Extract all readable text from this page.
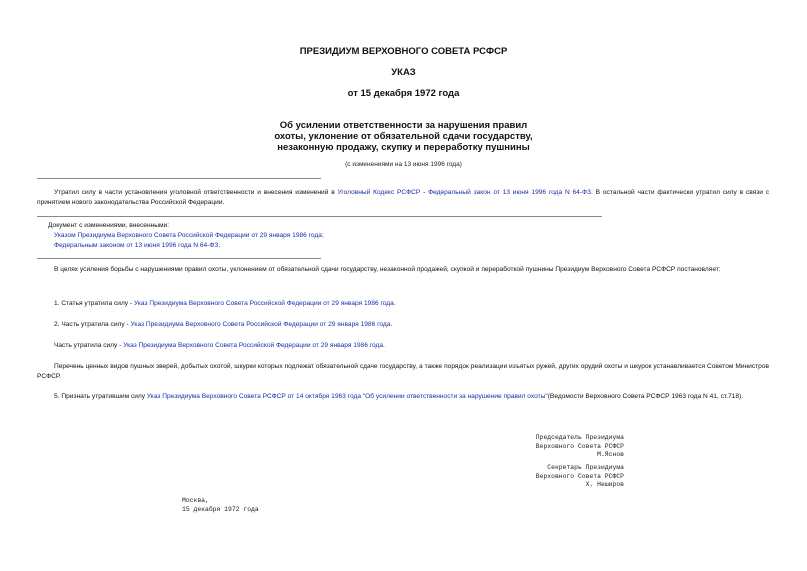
ПРЕЗИДИУМ ВЕРХОВНОГО СОВЕТА РСФСР
УКАЗ
от 15 декабря 1972 года
Об усилении ответственности за нарушения правил
охоты, уклонение от обязательной сдачи государству,
незаконную продажу, скупку и переработку пушнины
(с изменениями на 13 июня 1996 года)
Утратил силу в части установления уголовной ответственности и внесения изменений в Уголовный Кодекс РСФСР - Федеральный закон от 13 июня 1996 года N 64-ФЗ. В остальной части фактически утратил силу в связи с принятием нового законодательства Российской Федерации.
Документ с изменениями, внесенными:
Указом Президиума Верховного Совета Российской Федерации от 29 января 1986 года;
Федеральным законом от 13 июня 1996 года N 64-ФЗ.
В целях усиления борьбы с нарушениями правил охоты, уклонением от обязательной сдачи государству, незаконной продажей, скупкой и переработкой пушнины Президиум Верховного Совета РСФСР постановляет:
1. Статья утратила силу - Указ Президиума Верховного Совета Российской Федерации от 29 января 1986 года.
2. Часть утратила силу - Указ Президиума Верховного Совета Российской Федерации от 29 января 1986 года.
Часть утратила силу - Указ Президиума Верховного Совета Российской Федерации от 29 января 1986 года.
Перечень ценных видов пушных зверей, добытых охотой, шкурки которых подлежат обязательной сдаче государству, а также порядок реализации изъятых ружей, других орудий охоты и шкурок устанавливается Советом Министров РСФСР.
5. Признать утратившим силу Указ Президиума Верховного Совета РСФСР от 14 октября 1963 года "Об усилении ответственности за нарушение правил охоты"(Ведомости Верховного Совета РСФСР 1963 года N 41, ст.718).
Председатель Президиума
Верховного Совета РСФСР
М.Яснов
Секретарь Президиума
Верховного Совета РСФСР
Х. Неширов
Москва,
15 декабря 1972 года
